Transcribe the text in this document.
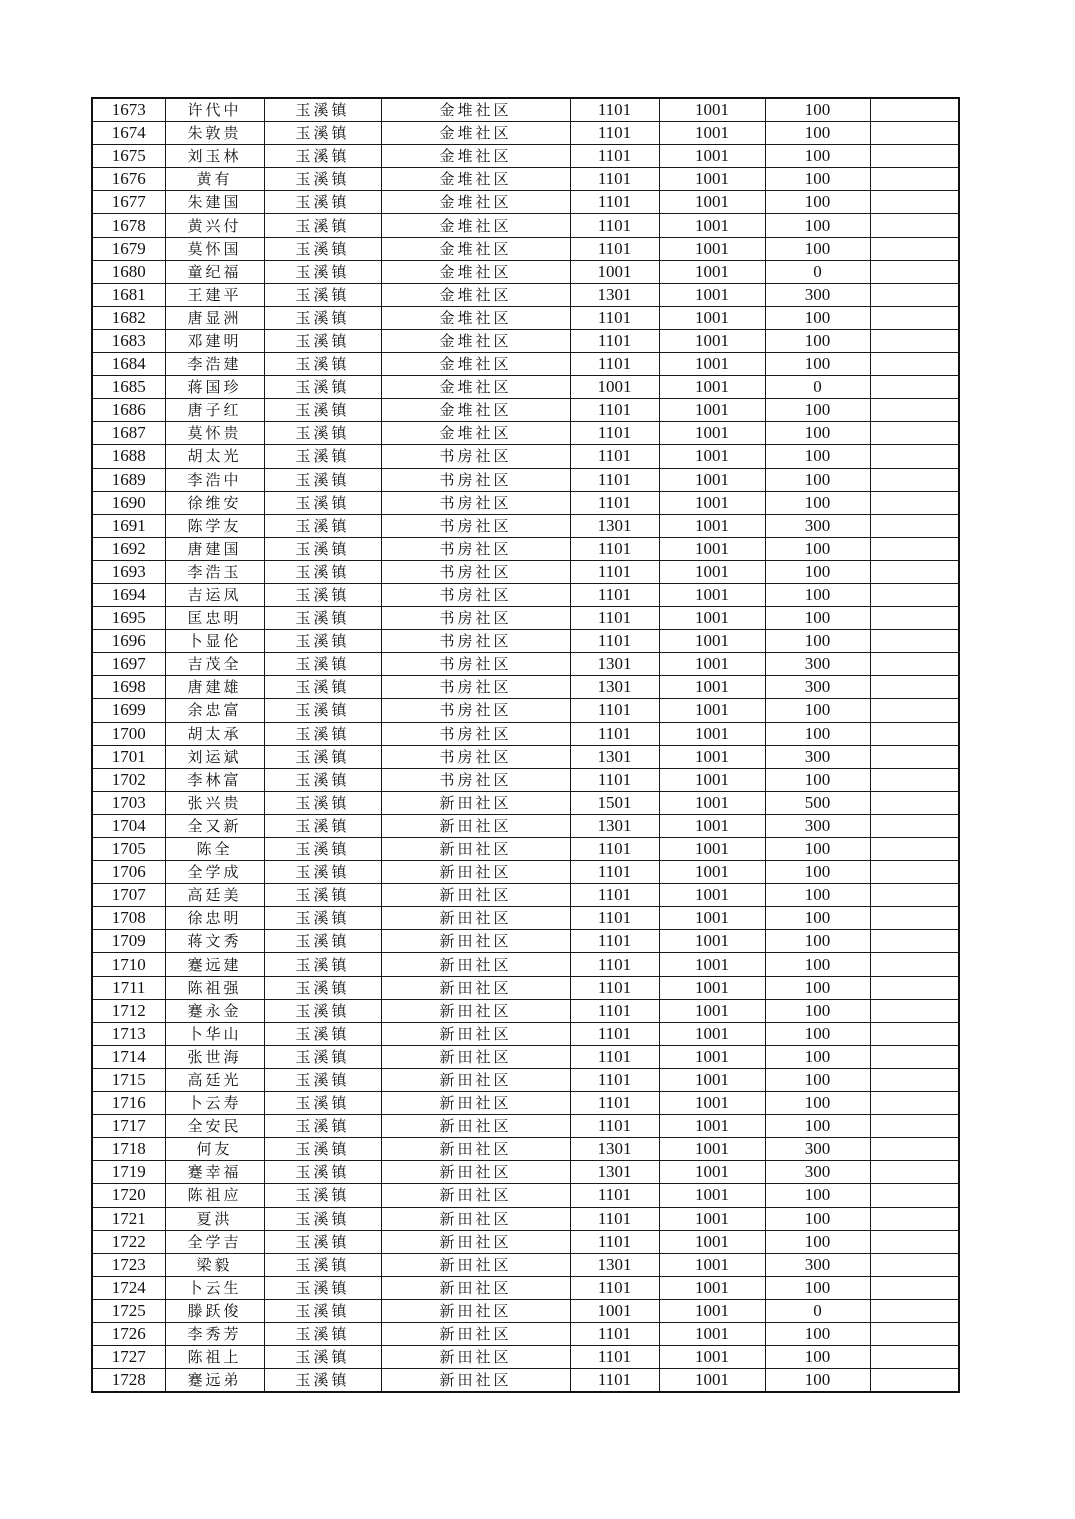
1673	许代中	玉溪镇	金堆社区	1101	1001	100	
1674	朱敦贵	玉溪镇	金堆社区	1101	1001	100	
1675	刘玉林	玉溪镇	金堆社区	1101	1001	100	
1676	黄有	玉溪镇	金堆社区	1101	1001	100	
1677	朱建国	玉溪镇	金堆社区	1101	1001	100	
1678	黄兴付	玉溪镇	金堆社区	1101	1001	100	
1679	莫怀国	玉溪镇	金堆社区	1101	1001	100	
1680	童纪福	玉溪镇	金堆社区	1001	1001	0	
1681	王建平	玉溪镇	金堆社区	1301	1001	300	
1682	唐显洲	玉溪镇	金堆社区	1101	1001	100	
1683	邓建明	玉溪镇	金堆社区	1101	1001	100	
1684	李浩建	玉溪镇	金堆社区	1101	1001	100	
1685	蒋国珍	玉溪镇	金堆社区	1001	1001	0	
1686	唐子红	玉溪镇	金堆社区	1101	1001	100	
1687	莫怀贵	玉溪镇	金堆社区	1101	1001	100	
1688	胡太光	玉溪镇	书房社区	1101	1001	100	
1689	李浩中	玉溪镇	书房社区	1101	1001	100	
1690	徐维安	玉溪镇	书房社区	1101	1001	100	
1691	陈学友	玉溪镇	书房社区	1301	1001	300	
1692	唐建国	玉溪镇	书房社区	1101	1001	100	
1693	李浩玉	玉溪镇	书房社区	1101	1001	100	
1694	吉运凤	玉溪镇	书房社区	1101	1001	100	
1695	匡忠明	玉溪镇	书房社区	1101	1001	100	
1696	卜显伦	玉溪镇	书房社区	1101	1001	100	
1697	吉茂全	玉溪镇	书房社区	1301	1001	300	
1698	唐建雄	玉溪镇	书房社区	1301	1001	300	
1699	余忠富	玉溪镇	书房社区	1101	1001	100	
1700	胡太承	玉溪镇	书房社区	1101	1001	100	
1701	刘运斌	玉溪镇	书房社区	1301	1001	300	
1702	李林富	玉溪镇	书房社区	1101	1001	100	
1703	张兴贵	玉溪镇	新田社区	1501	1001	500	
1704	全又新	玉溪镇	新田社区	1301	1001	300	
1705	陈全	玉溪镇	新田社区	1101	1001	100	
1706	全学成	玉溪镇	新田社区	1101	1001	100	
1707	高廷美	玉溪镇	新田社区	1101	1001	100	
1708	徐忠明	玉溪镇	新田社区	1101	1001	100	
1709	蒋文秀	玉溪镇	新田社区	1101	1001	100	
1710	蹇远建	玉溪镇	新田社区	1101	1001	100	
1711	陈祖强	玉溪镇	新田社区	1101	1001	100	
1712	蹇永金	玉溪镇	新田社区	1101	1001	100	
1713	卜华山	玉溪镇	新田社区	1101	1001	100	
1714	张世海	玉溪镇	新田社区	1101	1001	100	
1715	高廷光	玉溪镇	新田社区	1101	1001	100	
1716	卜云寿	玉溪镇	新田社区	1101	1001	100	
1717	全安民	玉溪镇	新田社区	1101	1001	100	
1718	何友	玉溪镇	新田社区	1301	1001	300	
1719	蹇幸福	玉溪镇	新田社区	1301	1001	300	
1720	陈祖应	玉溪镇	新田社区	1101	1001	100	
1721	夏洪	玉溪镇	新田社区	1101	1001	100	
1722	全学吉	玉溪镇	新田社区	1101	1001	100	
1723	梁毅	玉溪镇	新田社区	1301	1001	300	
1724	卜云生	玉溪镇	新田社区	1101	1001	100	
1725	滕跃俊	玉溪镇	新田社区	1001	1001	0	
1726	李秀芳	玉溪镇	新田社区	1101	1001	100	
1727	陈祖上	玉溪镇	新田社区	1101	1001	100	
1728	蹇远弟	玉溪镇	新田社区	1101	1001	100	
